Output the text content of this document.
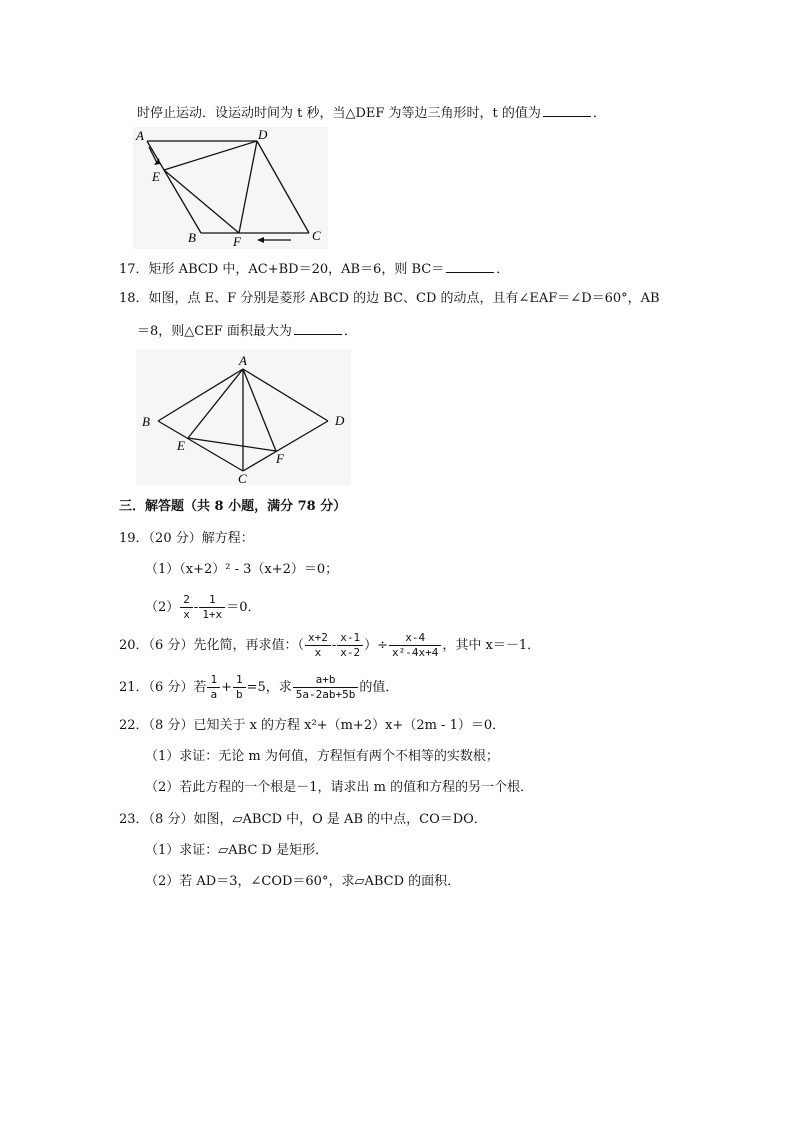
时停止运动．设运动时间为 t 秒，当△DEF 为等边三角形时，t 的值为	．
A	D
E
B	F	C
17．矩形 ABCD 中，AC+BD＝20，AB＝6，则 BC＝	．
18．如图，点 E、F 分别是菱形 ABCD 的边 BC、CD 的动点，且有∠EAF＝∠D＝60°，AB
＝8，则△CEF 面积最大为	．
A
B	D
E
F
C
三．解答题（共 8 小题，满分 78 分）
19．（20 分）解方程：
（1）（x+2）² - 3（x+2）＝0；
$(2) \frac{2}{x} - \frac{1}{1+x} =0$．
20．（6 分）先化简，再求值：（ $\frac{x+2}{x} - \frac{x-1}{x-2}$ ）÷ $\frac{x-4}{\text{x²-4x+4}}$ ，其中 x＝－1．
21．（6 分）若 $\frac{1}{a} + \frac{1}{b} =5$，求 $\frac{a+b}{5a-2ab+5b}$ 的值．
22．（8 分）已知关于 x 的方程 x²+（m+2）x+（2m - 1）＝0．
（1）求证：无论 m 为何值，方程恒有两个不相等的实数根；
（2）若此方程的一个根是－1，请求出 m 的值和方程的另一个根．
23．（8 分）如图，▱ABCD 中，O 是 AB 的中点，CO＝DO．
（1）求证：▱ABC D 是矩形．
（2）若 AD＝3，∠COD＝60°，求▱ABCD 的面积．
